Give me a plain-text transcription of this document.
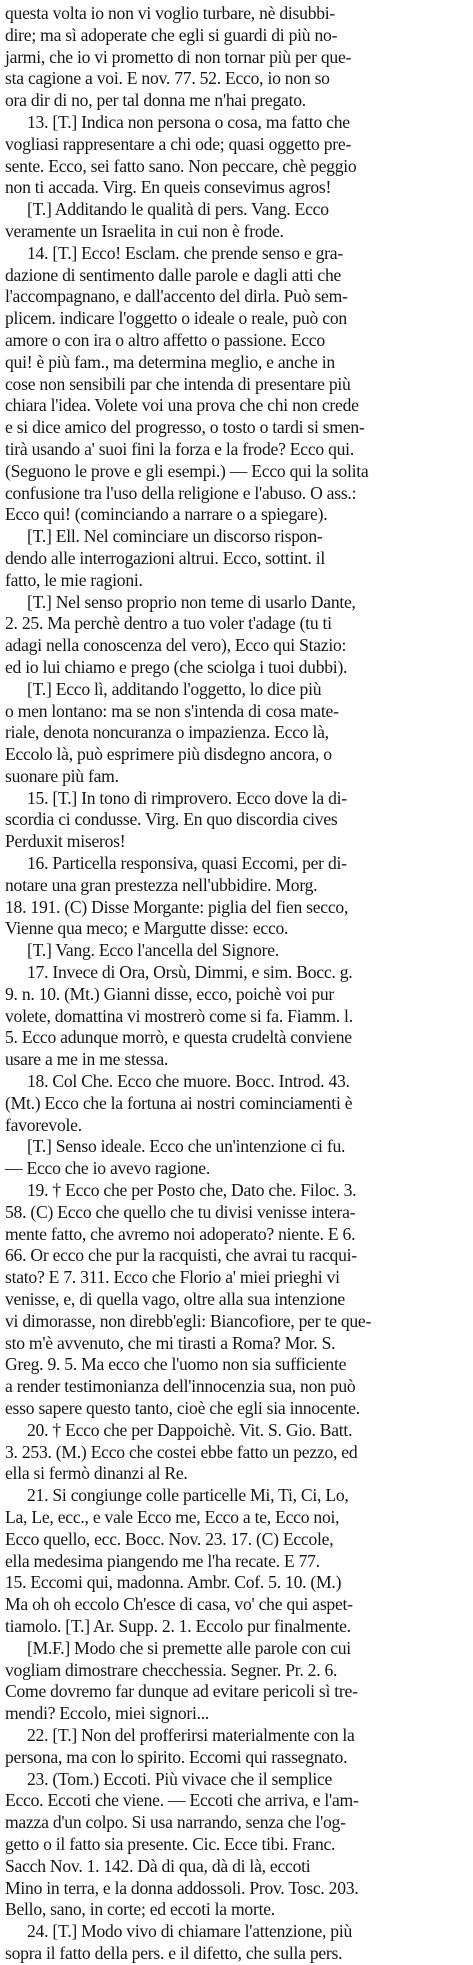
questa volta io non vi voglio turbare, nè disubbi-
dire; ma sì adoperate che egli si guardi di più no-
jarmi, che io vi prometto di non tornar più per que-
sta cagione a voi. E nov. 77. 52. Ecco, io non so
ora dir di no, per tal donna me n'hai pregato.
13. [T.] Indica non persona o cosa, ma fatto che
vogliasi rappresentare a chi ode; quasi oggetto pre-
sente. Ecco, sei fatto sano. Non peccare, chè peggio
non ti accada. Virg. En queis consevimus agros!
[T.] Additando le qualità di pers. Vang. Ecco
veramente un Israelita in cui non è frode.
14. [T.] Ecco! Esclam. che prende senso e gra-
dazione di sentimento dalle parole e dagli atti che
l'accompagnano, e dall'accento del dirla. Può sem-
plicem. indicare l'oggetto o ideale o reale, può con
amore o con ira o altro affetto o passione. Ecco
qui! è più fam., ma determina meglio, e anche in
cose non sensibili par che intenda di presentare più
chiara l'idea. Volete voi una prova che chi non crede
e si dice amico del progresso, o tosto o tardi si smen-
tirà usando a' suoi fini la forza e la frode? Ecco qui.
(Seguono le prove e gli esempi.) — Ecco qui la solita
confusione tra l'uso della religione e l'abuso. O ass.:
Ecco qui! (cominciando a narrare o a spiegare).
[T.] Ell. Nel cominciare un discorso rispon-
dendo alle interrogazioni altrui. Ecco, sottint. il
fatto, le mie ragioni.
[T.] Nel senso proprio non teme di usarlo Dante,
2. 25. Ma perchè dentro a tuo voler t'adage (tu ti
adagi nella conoscenza del vero), Ecco qui Stazio:
ed io lui chiamo e prego (che sciolga i tuoi dubbi).
[T.] Ecco lì, additando l'oggetto, lo dice più
o men lontano: ma se non s'intenda di cosa mate-
riale, denota noncuranza o impazienza. Ecco là,
Eccolo là, può esprimere più disdegno ancora, o
suonare più fam.
15. [T.] In tono di rimprovero. Ecco dove la di-
scordia ci condusse. Virg. En quo discordia cives
Perduxit miseros!
16. Particella responsiva, quasi Eccomi, per di-
notare una gran prestezza nell'ubbidire. Morg.
18. 191. (C) Disse Morgante: piglia del fien secco,
Vienne qua meco; e Margutte disse: ecco.
[T.] Vang. Ecco l'ancella del Signore.
17. Invece di Ora, Orsù, Dimmi, e sim. Bocc. g.
9. n. 10. (Mt.) Gianni disse, ecco, poichè voi pur
volete, domattina vi mostrerò come si fa. Fiamm. l.
5. Ecco adunque morrò, e questa crudeltà conviene
usare a me in me stessa.
18. Col Che. Ecco che muore. Bocc. Introd. 43.
(Mt.) Ecco che la fortuna ai nostri cominciamenti è
favorevole.
[T.] Senso ideale. Ecco che un'intenzione ci fu.
— Ecco che io avevo ragione.
19. † Ecco che per Posto che, Dato che. Filoc. 3.
58. (C) Ecco che quello che tu divisi venisse intera-
mente fatto, che avremo noi adoperato? niente. E 6.
66. Or ecco che pur la racquisti, che avrai tu racqui-
stato? E 7. 311. Ecco che Florio a' miei prieghi vi
venisse, e, di quella vago, oltre alla sua intenzione
vi dimorasse, non direbb'egli: Biancofiore, per te que-
sto m'è avvenuto, che mi tirasti a Roma? Mor. S.
Greg. 9. 5. Ma ecco che l'uomo non sia sufficiente
a render testimonianza dell'innocenzia sua, non può
esso sapere questo tanto, cioè che egli sia innocente.
20. † Ecco che per Dappoichè. Vit. S. Gio. Batt.
3. 253. (M.) Ecco che costei ebbe fatto un pezzo, ed
ella si fermò dinanzi al Re.
21. Si congiunge colle particelle Mi, Ti, Ci, Lo,
La, Le, ecc., e vale Ecco me, Ecco a te, Ecco noi,
Ecco quello, ecc. Bocc. Nov. 23. 17. (C) Eccole,
ella medesima piangendo me l'ha recate. E 77.
15. Eccomi qui, madonna. Ambr. Cof. 5. 10. (M.)
Ma oh oh eccolo Ch'esce di casa, vo' che qui aspet-
tiamolo. [T.] Ar. Supp. 2. 1. Eccolo pur finalmente.
[M.F.] Modo che si premette alle parole con cui
vogliam dimostrare checchessia. Segner. Pr. 2. 6.
Come dovremo far dunque ad evitare pericoli sì tre-
mendi? Eccolo, miei signori...
22. [T.] Non del profferirsi materialmente con la
persona, ma con lo spirito. Eccomi qui rassegnato.
23. (Tom.) Eccoti. Più vivace che il semplice
Ecco. Eccoti che viene. — Eccoti che arriva, e l'am-
mazza d'un colpo. Si usa narrando, senza che l'og-
getto o il fatto sia presente. Cic. Ecce tibi. Franc.
Sacch Nov. 1. 142. Dà di qua, dà di là, eccoti
Mino in terra, e la donna addossoli. Prov. Tosc. 203.
Bello, sano, in corte; ed eccoti la morte.
24. [T.] Modo vivo di chiamare l'attenzione, più
sopra il fatto della pers. e il difetto, che sulla pers.
